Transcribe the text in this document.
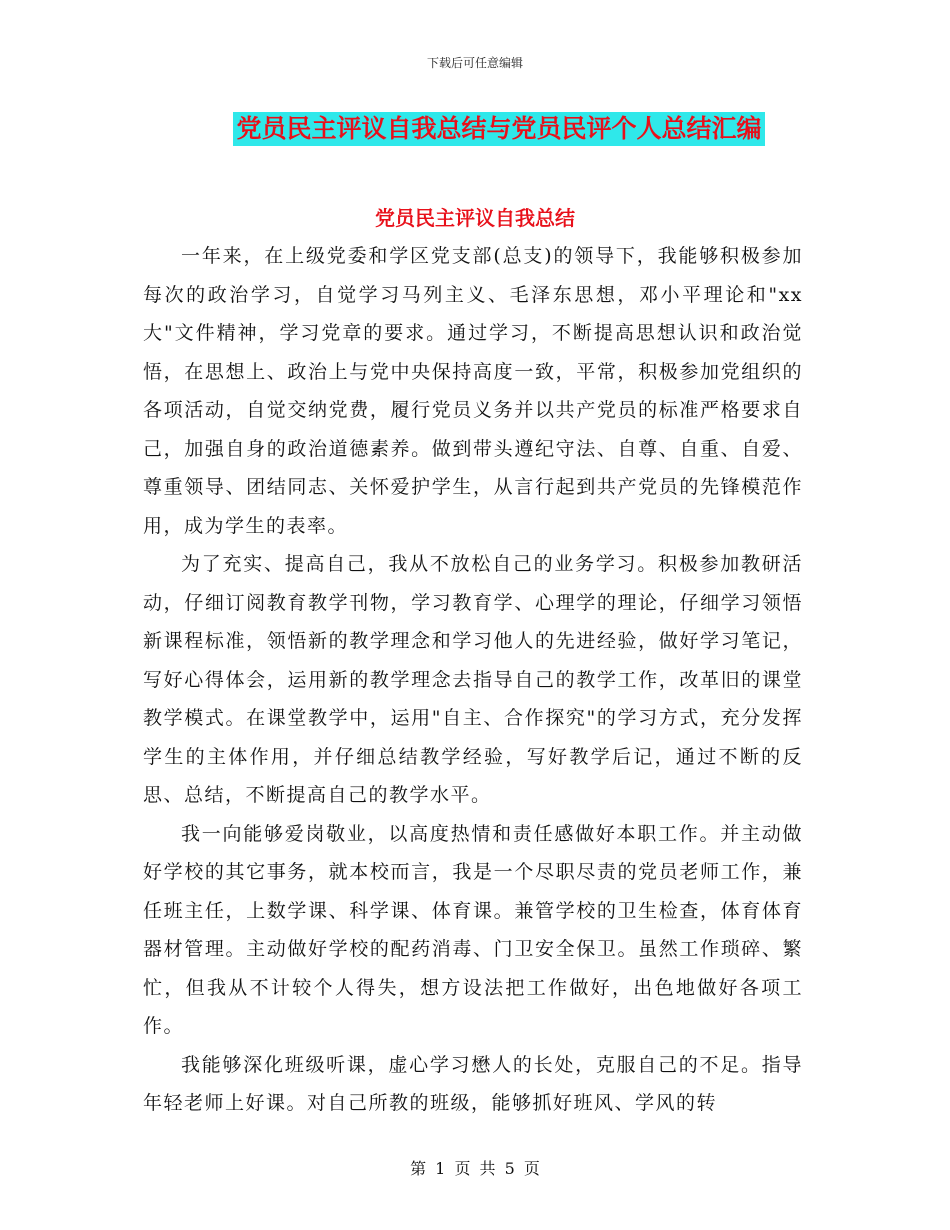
下载后可任意编辑
党员民主评议自我总结与党员民评个人总结汇编
党员民主评议自我总结

一年来，在上级党委和学区党支部(总支)的领导下，我能够积极参加每次的政治学习，自觉学习马列主义、毛泽东思想，邓小平理论和"xx大"文件精神，学习党章的要求。通过学习，不断提高思想认识和政治觉悟，在思想上、政治上与党中央保持高度一致，平常，积极参加党组织的各项活动，自觉交纳党费，履行党员义务并以共产党员的标准严格要求自己，加强自身的政治道德素养。做到带头遵纪守法、自尊、自重、自爱、尊重领导、团结同志、关怀爱护学生，从言行起到共产党员的先锋模范作用，成为学生的表率。

为了充实、提高自己，我从不放松自己的业务学习。积极参加教研活动，仔细订阅教育教学刊物，学习教育学、心理学的理论，仔细学习领悟新课程标准，领悟新的教学理念和学习他人的先进经验，做好学习笔记，写好心得体会，运用新的教学理念去指导自己的教学工作，改革旧的课堂教学模式。在课堂教学中，运用"自主、合作探究"的学习方式，充分发挥学生的主体作用，并仔细总结教学经验，写好教学后记，通过不断的反思、总结，不断提高自己的教学水平。

我一向能够爱岗敬业，以高度热情和责任感做好本职工作。并主动做好学校的其它事务，就本校而言，我是一个尽职尽责的党员老师工作，兼任班主任，上数学课、科学课、体育课。兼管学校的卫生检查，体育体育器材管理。主动做好学校的配药消毒、门卫安全保卫。虽然工作琐碎、繁忙，但我从不计较个人得失，想方设法把工作做好，出色地做好各项工作。

我能够深化班级听课，虚心学习懋人的长处，克服自己的不足。指导年轻老师上好课。对自己所教的班级，能够抓好班风、学风的转

第 1 页 共 5 页
